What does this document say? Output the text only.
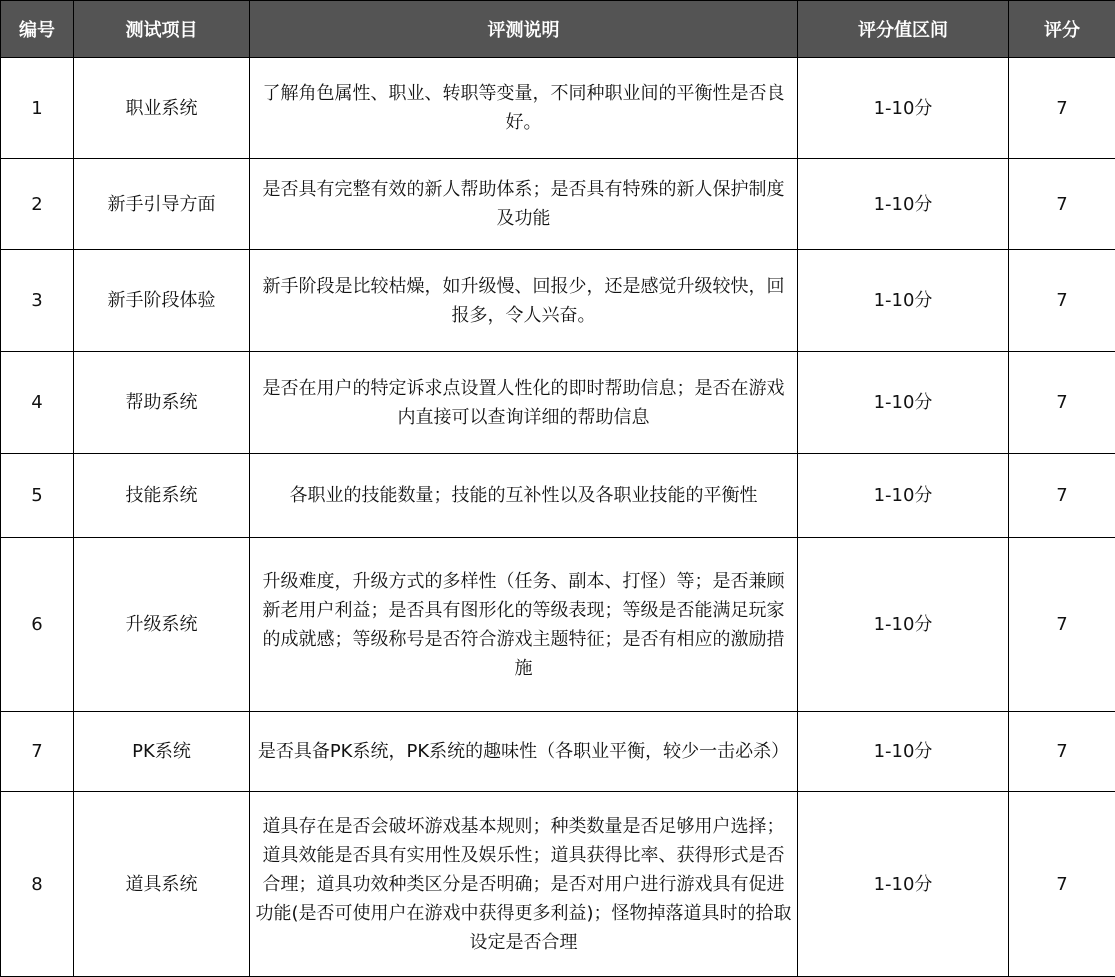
编号	测试项目	评测说明	评分值区间	评分
1	职业系统	了解角色属性、职业、转职等变量，不同种职业间的平衡性是否良好。	1-10分	7
2	新手引导方面	是否具有完整有效的新人帮助体系；是否具有特殊的新人保护制度及功能	1-10分	7
3	新手阶段体验	新手阶段是比较枯燥，如升级慢、回报少，还是感觉升级较快，回报多，令人兴奋。	1-10分	7
4	帮助系统	是否在用户的特定诉求点设置人性化的即时帮助信息；是否在游戏内直接可以查询详细的帮助信息	1-10分	7
5	技能系统	各职业的技能数量；技能的互补性以及各职业技能的平衡性	1-10分	7
6	升级系统	升级难度，升级方式的多样性（任务、副本、打怪）等；是否兼顾新老用户利益；是否具有图形化的等级表现；等级是否能满足玩家的成就感；等级称号是否符合游戏主题特征；是否有相应的激励措施	1-10分	7
7	PK系统	是否具备PK系统，PK系统的趣味性（各职业平衡，较少一击必杀）	1-10分	7
8	道具系统	道具存在是否会破坏游戏基本规则；种类数量是否足够用户选择；道具效能是否具有实用性及娱乐性；道具获得比率、获得形式是否合理；道具功效种类区分是否明确；是否对用户进行游戏具有促进功能(是否可使用户在游戏中获得更多利益)；怪物掉落道具时的拾取设定是否合理	1-10分	7
